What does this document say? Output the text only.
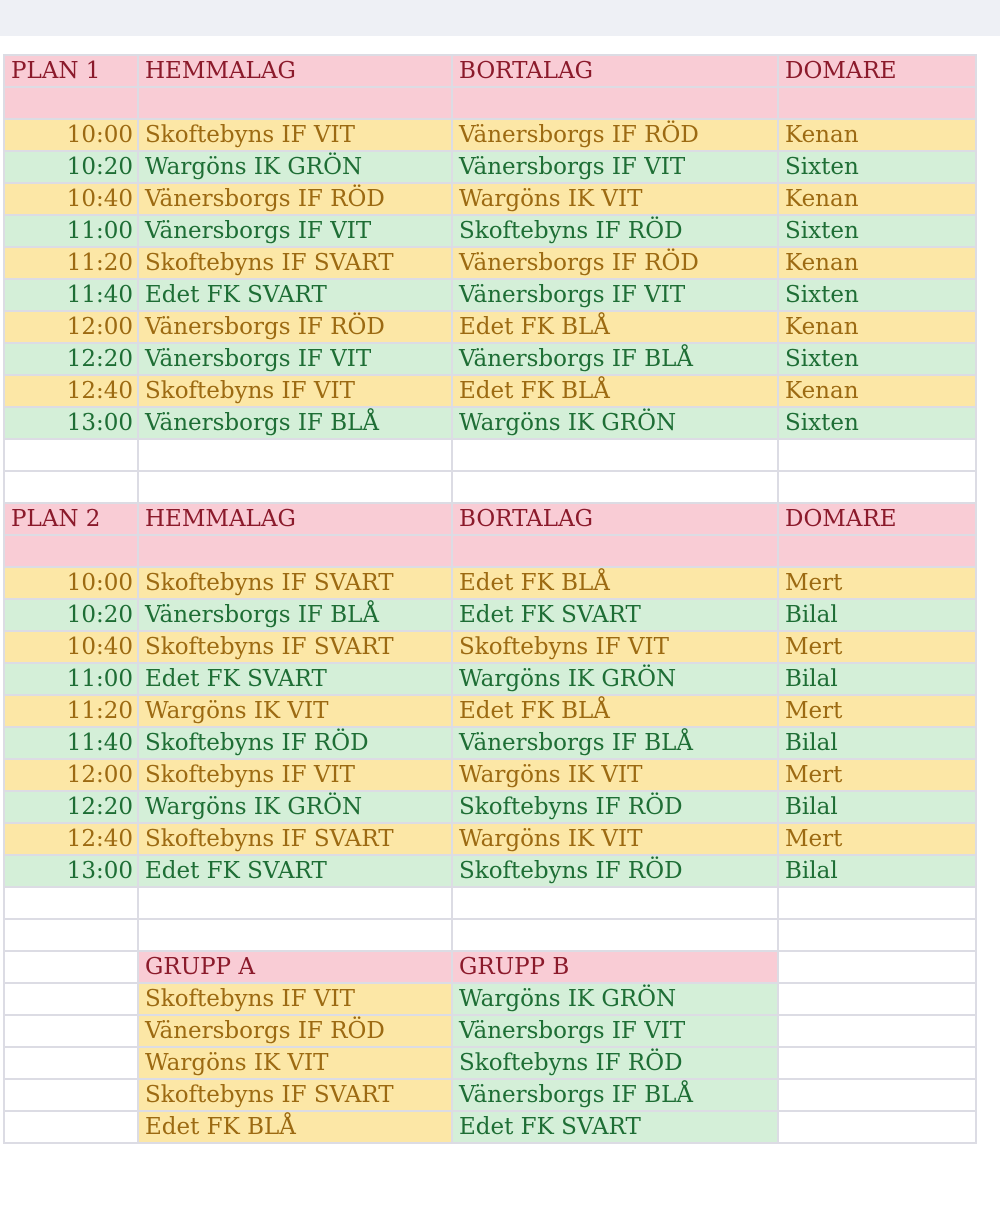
PLAN 1	HEMMALAG	BORTALAG	DOMARE

10:00	Skoftebyns IF VIT	Vänersborgs IF RÖD	Kenan
10:20	Wargöns IK GRÖN	Vänersborgs IF VIT	Sixten
10:40	Vänersborgs IF RÖD	Wargöns IK VIT	Kenan
11:00	Vänersborgs IF VIT	Skoftebyns IF RÖD	Sixten
11:20	Skoftebyns IF SVART	Vänersborgs IF RÖD	Kenan
11:40	Edet FK SVART	Vänersborgs IF VIT	Sixten
12:00	Vänersborgs IF RÖD	Edet FK BLÅ	Kenan
12:20	Vänersborgs IF VIT	Vänersborgs IF BLÅ	Sixten
12:40	Skoftebyns IF VIT	Edet FK BLÅ	Kenan
13:00	Vänersborgs IF BLÅ	Wargöns IK GRÖN	Sixten

PLAN 2	HEMMALAG	BORTALAG	DOMARE

10:00	Skoftebyns IF SVART	Edet FK BLÅ	Mert
10:20	Vänersborgs IF BLÅ	Edet FK SVART	Bilal
10:40	Skoftebyns IF SVART	Skoftebyns IF VIT	Mert
11:00	Edet FK SVART	Wargöns IK GRÖN	Bilal
11:20	Wargöns IK VIT	Edet FK BLÅ	Mert
11:40	Skoftebyns IF RÖD	Vänersborgs IF BLÅ	Bilal
12:00	Skoftebyns IF VIT	Wargöns IK VIT	Mert
12:20	Wargöns IK GRÖN	Skoftebyns IF RÖD	Bilal
12:40	Skoftebyns IF SVART	Wargöns IK VIT	Mert
13:00	Edet FK SVART	Skoftebyns IF RÖD	Bilal

	GRUPP A	GRUPP B	
	Skoftebyns IF VIT	Wargöns IK GRÖN	
	Vänersborgs IF RÖD	Vänersborgs IF VIT	
	Wargöns IK VIT	Skoftebyns IF RÖD	
	Skoftebyns IF SVART	Vänersborgs IF BLÅ	
	Edet FK BLÅ	Edet FK SVART	
